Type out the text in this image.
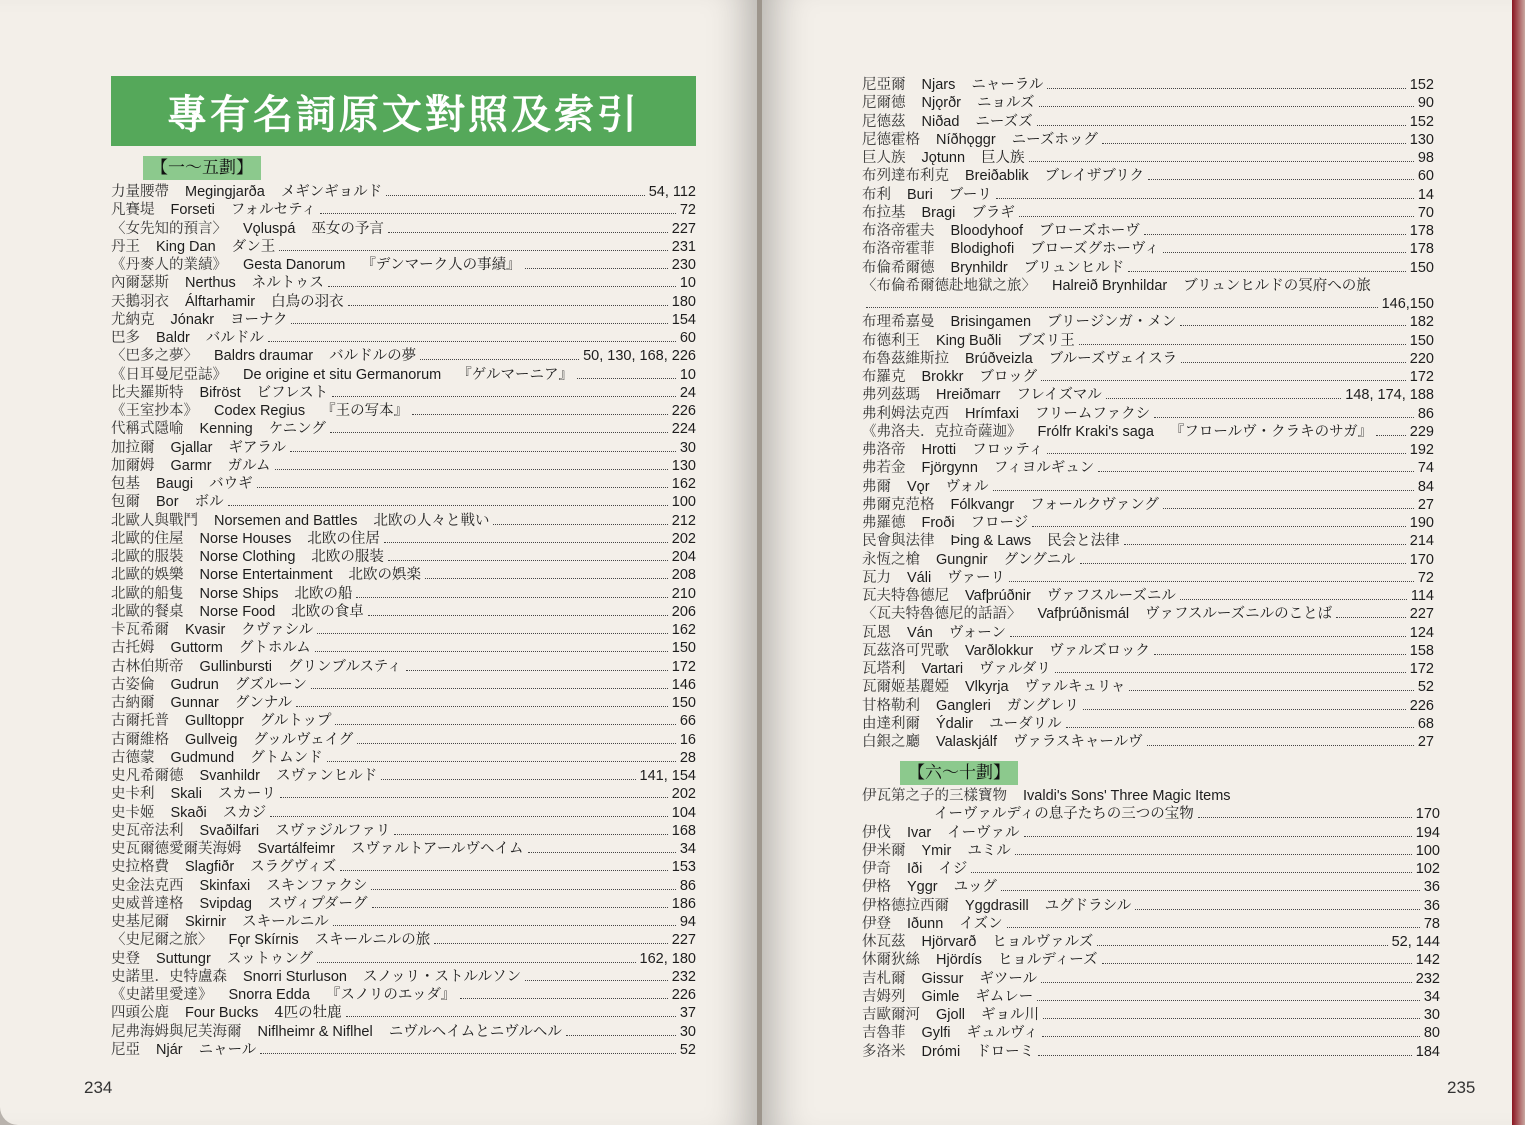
專有名詞原文對照及索引
【一～五劃】
力量腰帶 Megingjarða メギンギョルド	54, 112
凡賽堤 Forseti フォルセティ	72
〈女先知的預言〉 Vǫluspá 巫女の予言	227
丹王 King Dan ダン王	231
《丹麥人的業績》 Gesta Danorum 『デンマーク人の事績』	230
內爾瑟斯 Nerthus ネルトゥス	10
天鵝羽衣 Álftarhamir 白鳥の羽衣	180
尤納克 Jónakr ヨーナク	154
巴多 Baldr バルドル	60
〈巴多之夢〉 Baldrs draumar バルドルの夢	50, 130, 168, 226
《日耳曼尼亞誌》 De origine et situ Germanorum 『ゲルマーニア』	10
比夫羅斯特 Bifröst ビフレスト	24
《王室抄本》 Codex Regius 『王の写本』	226
代稱式隱喻 Kenning ケニング	224
加拉爾 Gjallar ギアラル	30
加爾姆 Garmr ガルム	130
包基 Baugi バウギ	162
包爾 Bor ボル	100
北歐人與戰鬥 Norsemen and Battles 北欧の人々と戦い	212
北歐的住屋 Norse Houses 北欧の住居	202
北歐的服裝 Norse Clothing 北欧の服装	204
北歐的娛樂 Norse Entertainment 北欧の娯楽	208
北歐的船隻 Norse Ships 北欧の船	210
北歐的餐桌 Norse Food 北欧の食卓	206
卡瓦希爾 Kvasir クヴァシル	162
古托姆 Guttorm グトホルム	150
古林伯斯帝 Gullinbursti グリンブルスティ	172
古姿倫 Gudrun グズルーン	146
古納爾 Gunnar グンナル	150
古爾托普 Gulltoppr グルトップ	66
古爾維格 Gullveig グッルヴェイグ	16
古德蒙 Gudmund グトムンド	28
史凡希爾德 Svanhildr スヴァンヒルド	141, 154
史卡利 Skali スカーリ	202
史卡姬 Skaði スカジ	104
史瓦帝法利 Svaðilfari スヴァジルファリ	168
史瓦爾德愛爾芙海姆 Svartálfeimr スヴァルトアールヴヘイム	34
史拉格費 Slagfiðr スラグヴィズ	153
史金法克西 Skinfaxi スキンファクシ	86
史威普達格 Svipdag スヴィプダーグ	186
史基尼爾 Skirnir スキールニル	94
〈史尼爾之旅〉 Fǫr Skírnis スキールニルの旅	227
史登 Suttungr スットゥング	162, 180
史諾里．史特盧森 Snorri Sturluson スノッリ・ストルルソン	232
《史諾里愛達》 Snorra Edda 『スノリのエッダ』	226
四頭公鹿 Four Bucks 4匹の牡鹿	37
尼弗海姆與尼芙海爾 Niflheimr & Niflhel ニヴルヘイムとニヴルヘル	30
尼亞 Njár ニャール	52
234
尼亞爾 Njars ニャーラル	152
尼爾德 Njǫrðr ニョルズ	90
尼德茲 Niðad ニーズズ	152
尼德霍格 Níðhǫggr ニーズホッグ	130
巨人族 Jǫtunn 巨人族	98
布列達布利克 Breiðablik ブレイザブリク	60
布利 Buri ブーリ	14
布拉基 Bragi ブラギ	70
布洛帝霍夫 Bloodyhoof ブローズホーヴ	178
布洛帝霍菲 Blodighofi ブローズグホーヴィ	178
布倫希爾德 Brynhildr ブリュンヒルド	150
〈布倫希爾德赴地獄之旅〉 Halreið Brynhildar ブリュンヒルドの冥府への旅
146,150
布理希嘉曼 Brisingamen ブリージンガ・メン	182
布德利王 King Buðli ブズリ王	150
布魯茲維斯拉 Brúðveizla ブルーズヴェイスラ	220
布羅克 Brokkr ブロッグ	172
弗列茲瑪 Hreiðmarr フレイズマル	148, 174, 188
弗利姆法克西 Hrímfaxi フリームファクシ	86
《弗洛夫．克拉奇薩迦》 Frólfr Kraki's saga 『フロールヴ・クラキのサガ』	229
弗洛帝 Hrotti フロッティ	192
弗若金 Fjörgynn フィヨルギュン	74
弗爾 Vǫr ヴォル	84
弗爾克范格 Fólkvangr フォールクヴァング	27
弗羅德 Froði フロージ	190
民會與法律 Þing & Laws 民会と法律	214
永恆之槍 Gungnir グングニル	170
瓦力 Váli ヴァーリ	72
瓦夫特魯德尼 Vafþrúðnir ヴァフスルーズニル	114
〈瓦夫特魯德尼的話語〉 Vafþrúðnismál ヴァフスルーズニルのことば	227
瓦恩 Ván ヴォーン	124
瓦茲洛可咒歌 Varðlokkur ヴァルズロック	158
瓦塔利 Vartari ヴァルダリ	172
瓦爾姬基麗婭 Vlkyrja ヴァルキュリャ	52
甘格勒利 Gangleri ガングレリ	226
由達利爾 Ýdalir ユーダリル	68
白銀之廳 Valaskjálf ヴァラスキャールヴ	27
【六～十劃】
伊瓦第之子的三樣寶物 Ivaldi's Sons' Three Magic Items
イーヴァルディの息子たちの三つの宝物	170
伊伐 Ivar イーヴァル	194
伊米爾 Ymir ユミル	100
伊奇 Iði イジ	102
伊格 Yggr ユッグ	36
伊格德拉西爾 Yggdrasill ユグドラシル	36
伊登 Iðunn イズン	78
休瓦茲 Hjörvarð ヒョルヴァルズ	52, 144
休爾狄絲 Hjördís ヒョルディーズ	142
吉札爾 Gissur ギツール	232
吉姆列 Gimle ギムレー	34
吉歐爾河 Gjoll ギョル川	30
吉魯菲 Gylfi ギュルヴィ	80
多洛米 Drómi ドローミ	184
235
